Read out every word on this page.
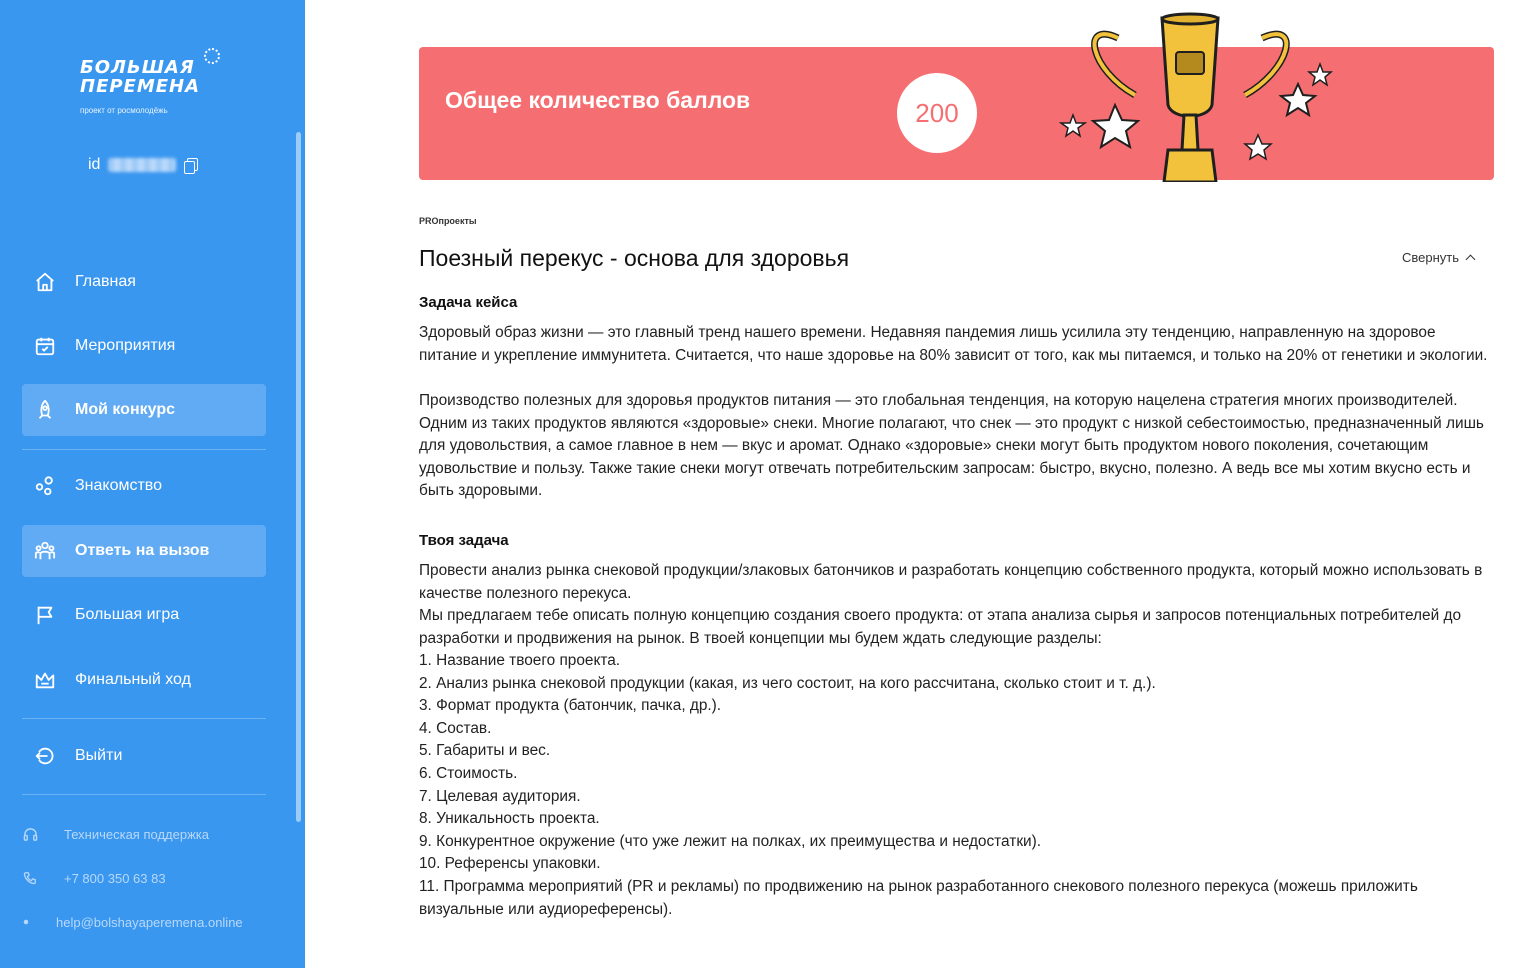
БОЛЬШАЯ
ПЕРЕМЕНА
проект от росмолодёжь
id
Главная
Мероприятия
Мой конкурс
Знакомство
Ответь на вызов
Большая игра
Финальный ход
Выйти
Техническая поддержка
+7 800 350 63 83
help@bolshayaperemena.online
Общее количество баллов	200
PROпроекты
Поезный перекус - основа для здоровья	Свернуть
Задача кейса

Здоровый образ жизни — это главный тренд нашего времени. Недавняя пандемия лишь усилила эту тенденцию, направленную на здоровое питание и укрепление иммунитета. Считается, что наше здоровье на 80% зависит от того, как мы питаемся, и только на 20% от генетики и экологии.

Производство полезных для здоровья продуктов питания — это глобальная тенденция, на которую нацелена стратегия многих производителей. Одним из таких продуктов являются «здоровые» снеки. Многие полагают, что снек — это продукт с низкой себестоимостью, предназначенный лишь для удовольствия, а самое главное в нем — вкус и аромат. Однако «здоровые» снеки могут быть продуктом нового поколения, сочетающим удовольствие и пользу. Также такие снеки могут отвечать потребительским запросам: быстро, вкусно, полезно. А ведь все мы хотим вкусно есть и быть здоровыми.

Твоя задача

Провести анализ рынка снековой продукции/злаковых батончиков и разработать концепцию собственного продукта, который можно использовать в качестве полезного перекуса.

Мы предлагаем тебе описать полную концепцию создания своего продукта: от этапа анализа сырья и запросов потенциальных потребителей до разработки и продвижения на рынок. В твоей концепции мы будем ждать следующие разделы:

1. Название твоего проекта.
2. Анализ рынка снековой продукции (какая, из чего состоит, на кого рассчитана, сколько стоит и т. д.).
3. Формат продукта (батончик, пачка, др.).
4. Состав.
5. Габариты и вес.
6. Стоимость.
7. Целевая аудитория.
8. Уникальность проекта.
9. Конкурентное окружение (что уже лежит на полках, их преимущества и недостатки).
10. Референсы упаковки.
11. Программа мероприятий (PR и рекламы) по продвижению на рынок разработанного снекового полезного перекуса (можешь приложить визуальные или аудиореференсы).
